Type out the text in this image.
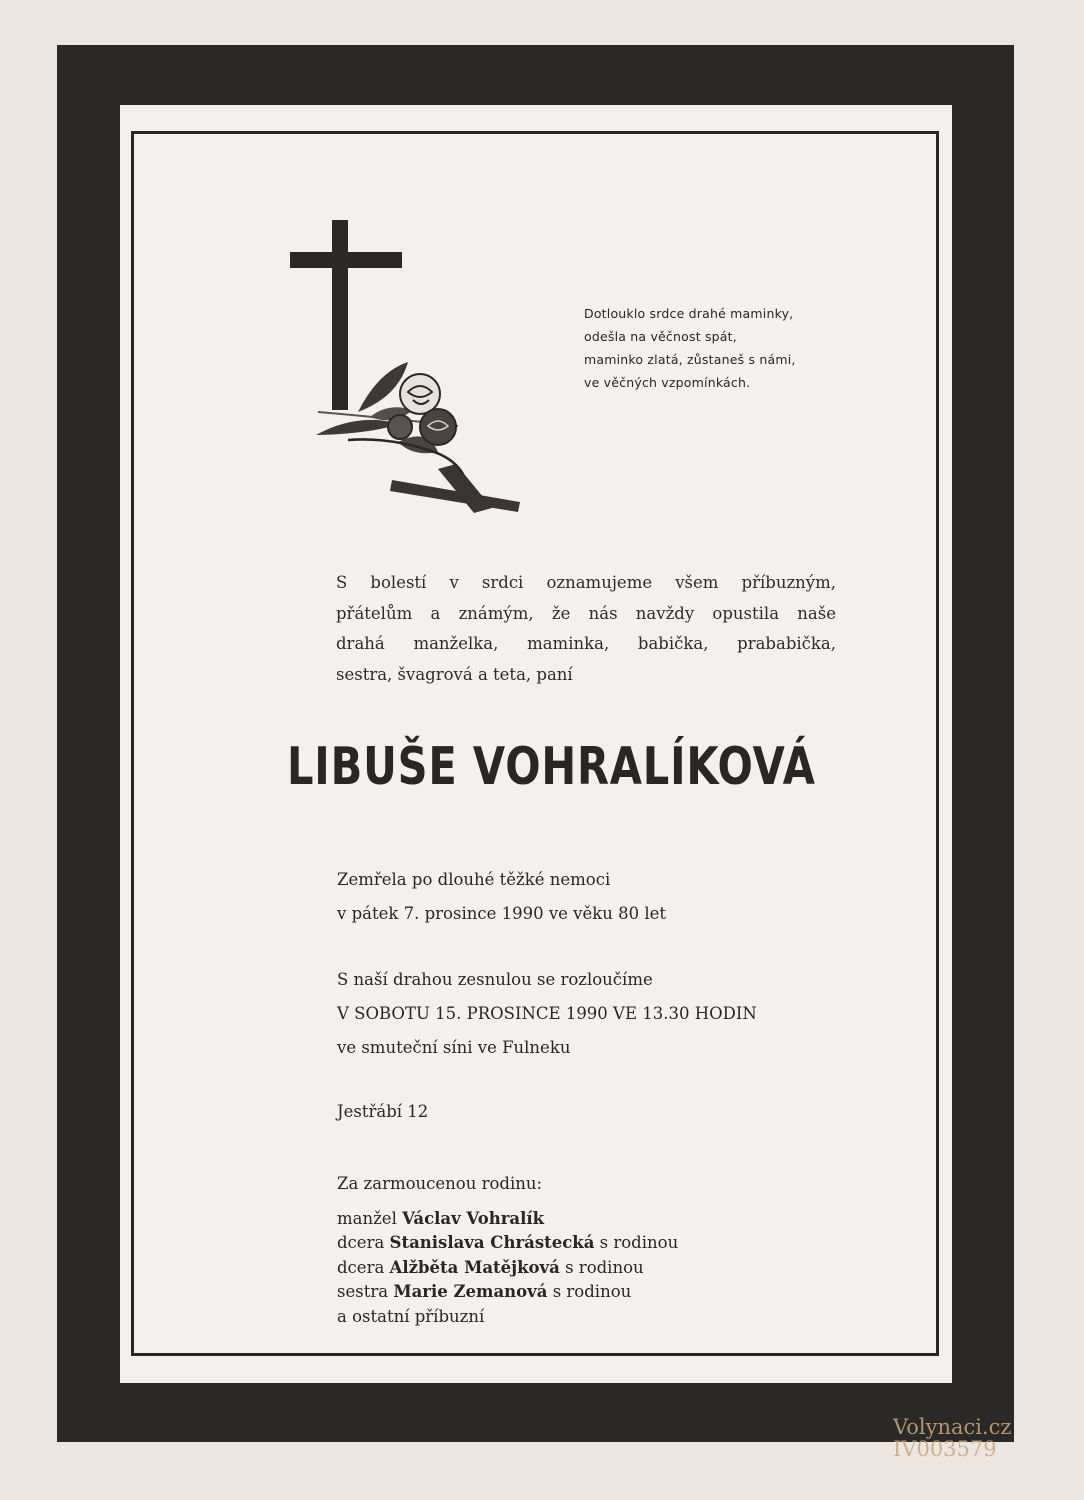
Dotlouklo srdce drahé maminky,
odešla na věčnost spát,
maminko zlatá, zůstaneš s námi,
ve věčných vzpomínkách.
S bolestí v srdci oznamujeme všem příbuzným,
přátelům a známým, že nás navždy opustila naše
drahá manželka, maminka, babička, prababička,
sestra, švagrová a teta, paní
LIBUŠE VOHRALÍKOVÁ
Zemřela po dlouhé těžké nemoci
v pátek 7. prosince 1990 ve věku 80 let
S naší drahou zesnulou se rozloučíme
V SOBOTU 15. PROSINCE 1990 VE 13.30 HODIN
ve smuteční síni ve Fulneku
Jestřábí 12
Za zarmoucenou rodinu:
manžel Václav Vohralík
dcera Stanislava Chrástecká s rodinou
dcera Alžběta Matějková s rodinou
sestra Marie Zemanová s rodinou
a ostatní příbuzní
Volynaci.cz
IV003579
